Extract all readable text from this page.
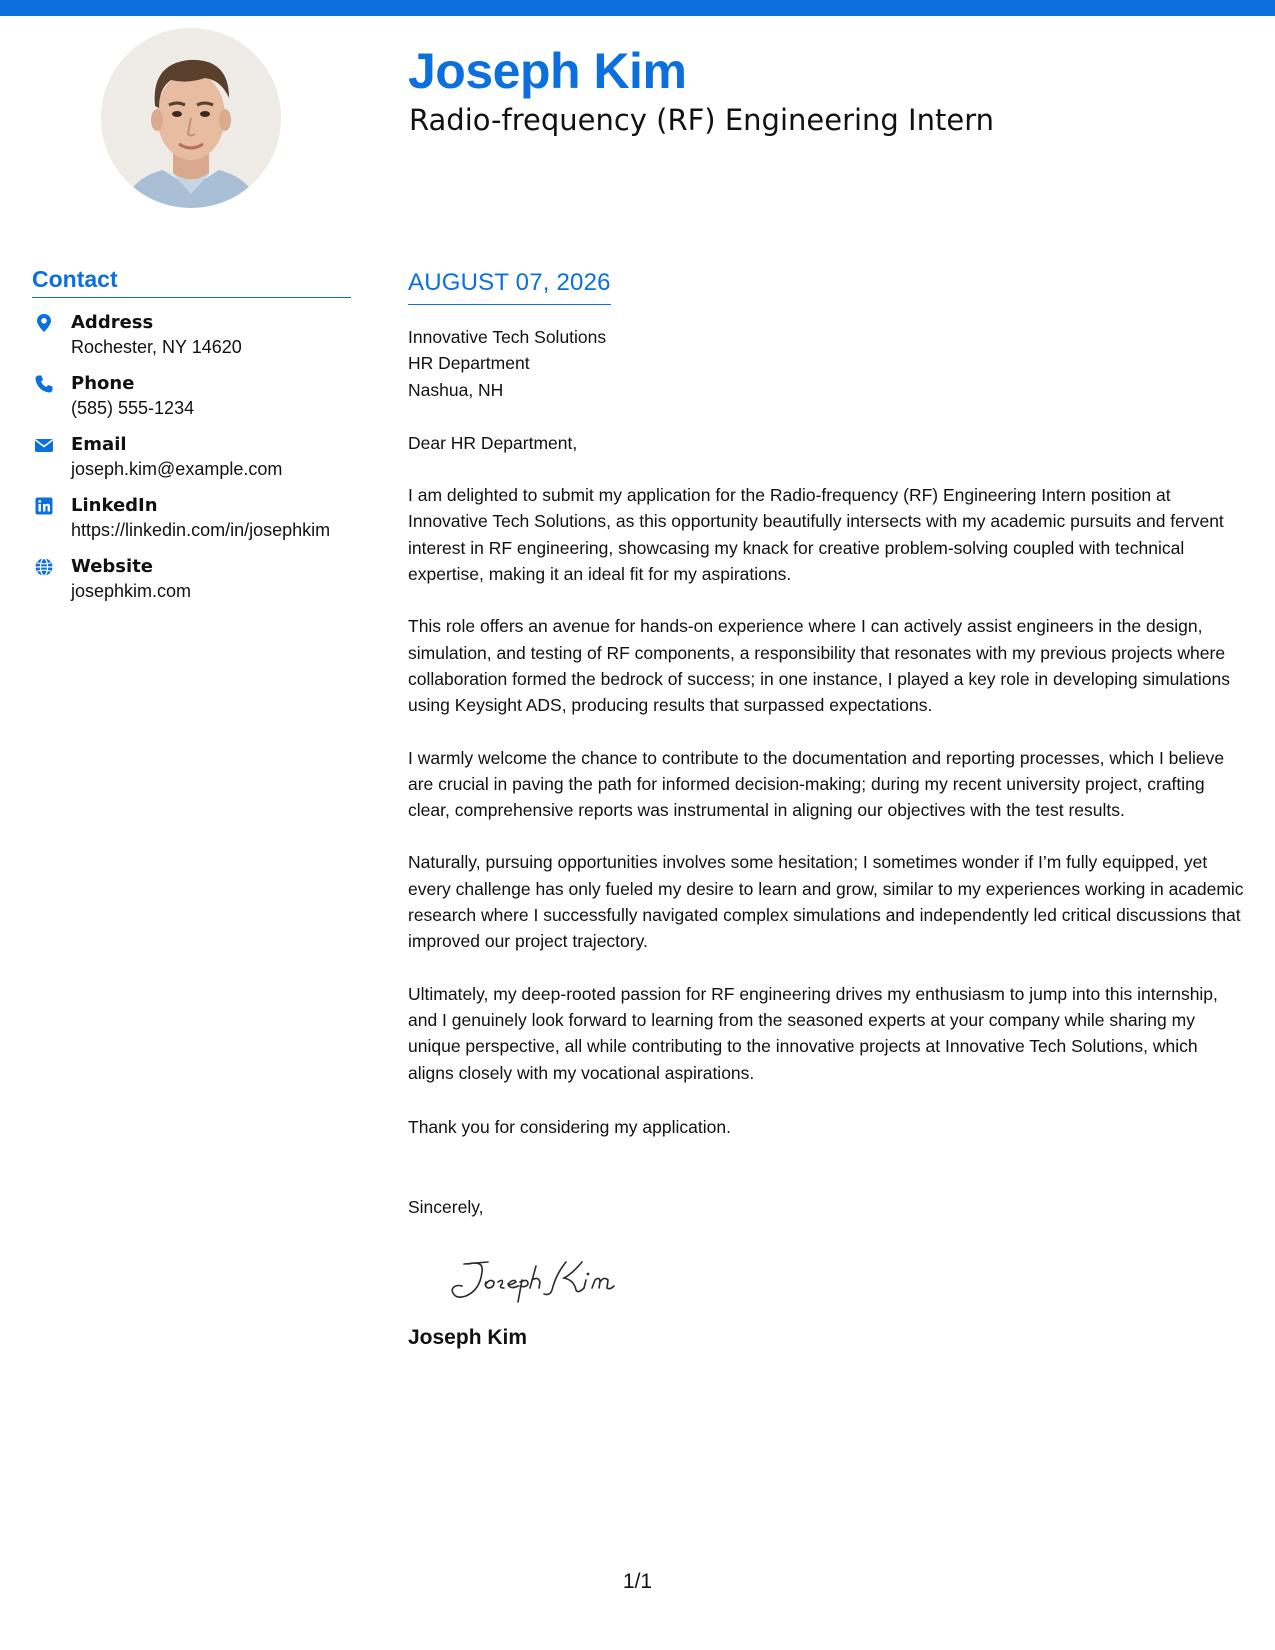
Joseph Kim
Radio-frequency (RF) Engineering Intern
Contact
Address
Rochester, NY 14620
Phone
(585) 555-1234
Email
joseph.kim@example.com
LinkedIn
https://linkedin.com/in/josephkim
Website
josephkim.com
AUGUST 07, 2026
Innovative Tech Solutions
HR Department
Nashua, NH
Dear HR Department,
I am delighted to submit my application for the Radio-frequency (RF) Engineering Intern position at Innovative Tech Solutions, as this opportunity beautifully intersects with my academic pursuits and fervent interest in RF engineering, showcasing my knack for creative problem-solving coupled with technical expertise, making it an ideal fit for my aspirations.
This role offers an avenue for hands-on experience where I can actively assist engineers in the design, simulation, and testing of RF components, a responsibility that resonates with my previous projects where collaboration formed the bedrock of success; in one instance, I played a key role in developing simulations using Keysight ADS, producing results that surpassed expectations.
I warmly welcome the chance to contribute to the documentation and reporting processes, which I believe are crucial in paving the path for informed decision-making; during my recent university project, crafting clear, comprehensive reports was instrumental in aligning our objectives with the test results.
Naturally, pursuing opportunities involves some hesitation; I sometimes wonder if I’m fully equipped, yet every challenge has only fueled my desire to learn and grow, similar to my experiences working in academic research where I successfully navigated complex simulations and independently led critical discussions that improved our project trajectory.
Ultimately, my deep-rooted passion for RF engineering drives my enthusiasm to jump into this internship, and I genuinely look forward to learning from the seasoned experts at your company while sharing my unique perspective, all while contributing to the innovative projects at Innovative Tech Solutions, which aligns closely with my vocational aspirations.
Thank you for considering my application.
Sincerely,
Joseph Kim
1/1
